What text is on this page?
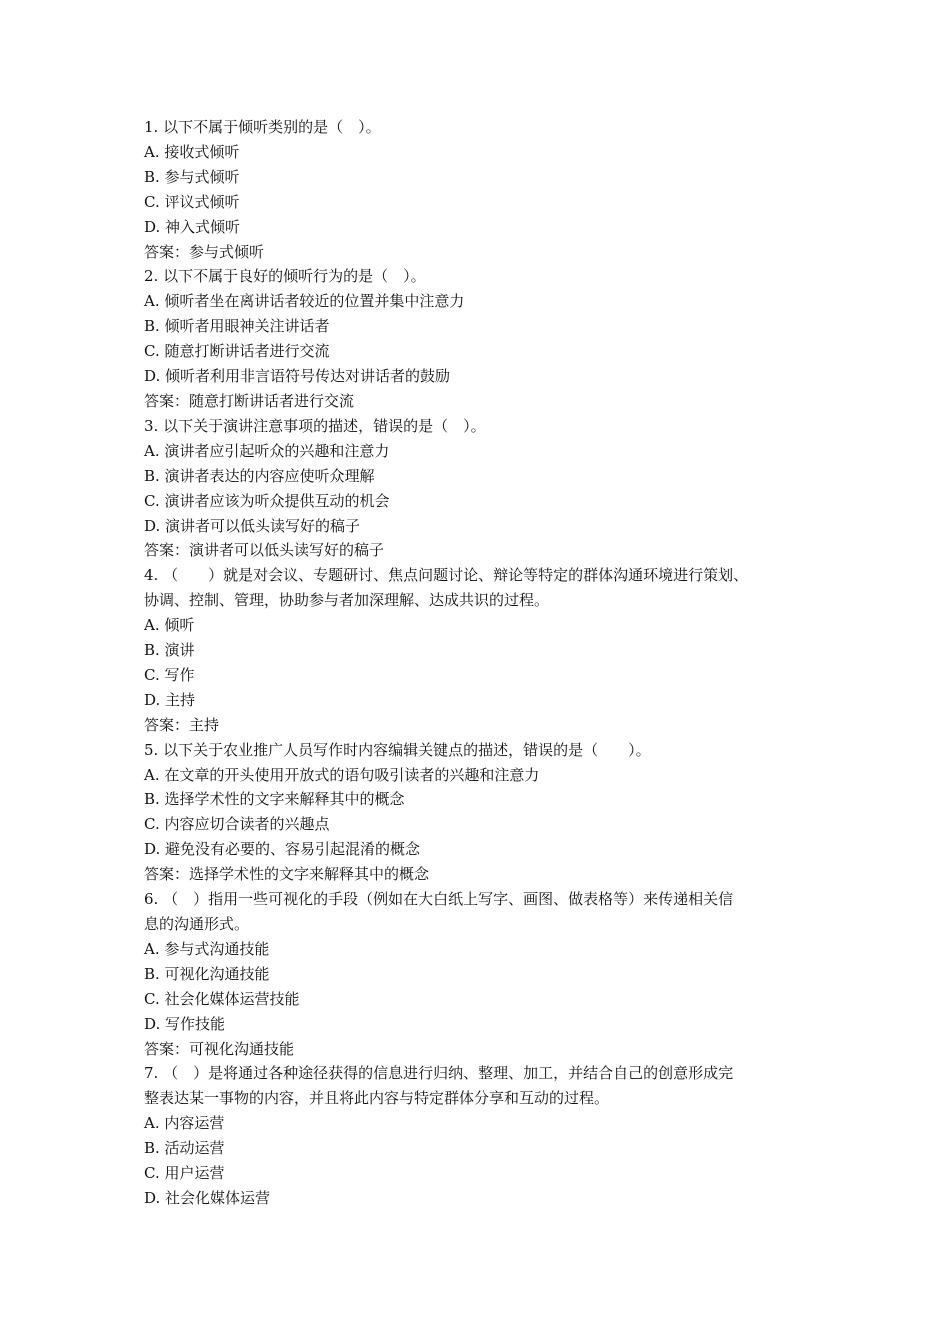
1. 以下不属于倾听类别的是（　）。

A. 接收式倾听

B. 参与式倾听

C. 评议式倾听

D. 神入式倾听

答案：参与式倾听

2. 以下不属于良好的倾听行为的是（　）。

A. 倾听者坐在离讲话者较近的位置并集中注意力

B. 倾听者用眼神关注讲话者

C. 随意打断讲话者进行交流

D. 倾听者利用非言语符号传达对讲话者的鼓励

答案：随意打断讲话者进行交流

3. 以下关于演讲注意事项的描述，错误的是（　）。

A. 演讲者应引起听众的兴趣和注意力

B. 演讲者表达的内容应使听众理解

C. 演讲者应该为听众提供互动的机会

D. 演讲者可以低头读写好的稿子

答案：演讲者可以低头读写好的稿子

4. （　　）就是对会议、专题研讨、焦点问题讨论、辩论等特定的群体沟通环境进行策划、

协调、控制、管理，协助参与者加深理解、达成共识的过程。

A. 倾听

B. 演讲

C. 写作

D. 主持

答案：主持

5. 以下关于农业推广人员写作时内容编辑关键点的描述，错误的是（　　）。

A. 在文章的开头使用开放式的语句吸引读者的兴趣和注意力

B. 选择学术性的文字来解释其中的概念

C. 内容应切合读者的兴趣点

D. 避免没有必要的、容易引起混淆的概念

答案：选择学术性的文字来解释其中的概念

6. （　）指用一些可视化的手段（例如在大白纸上写字、画图、做表格等）来传递相关信

息的沟通形式。

A. 参与式沟通技能

B. 可视化沟通技能

C. 社会化媒体运营技能

D. 写作技能

答案：可视化沟通技能

7. （　）是将通过各种途径获得的信息进行归纳、整理、加工，并结合自己的创意形成完

整表达某一事物的内容，并且将此内容与特定群体分享和互动的过程。

A. 内容运营

B. 活动运营

C. 用户运营

D. 社会化媒体运营
